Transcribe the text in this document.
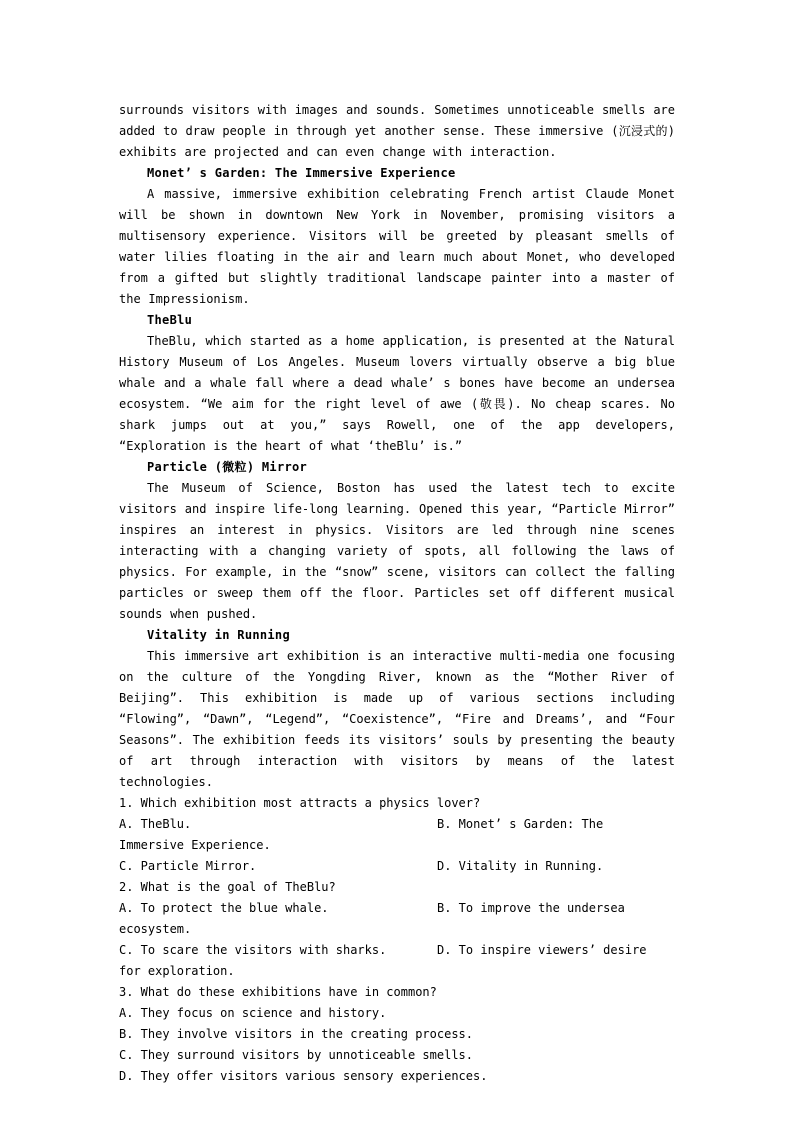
surrounds visitors with images and sounds. Sometimes unnoticeable smells are added to draw people in through yet another sense. These immersive (沉浸式的) exhibits are projected and can even change with interaction.

Monet’ s Garden: The Immersive Experience

A massive, immersive exhibition celebrating French artist Claude Monet will be shown in downtown New York in November, promising visitors a multisensory experience. Visitors will be greeted by pleasant smells of water lilies floating in the air and learn much about Monet, who developed from a gifted but slightly traditional landscape painter into a master of the Impressionism.

TheBlu

TheBlu, which started as a home application, is presented at the Natural History Museum of Los Angeles. Museum lovers virtually observe a big blue whale and a whale fall where a dead whale’ s bones have become an undersea ecosystem. “We aim for the right level of awe (敬畏). No cheap scares. No shark jumps out at you,” says Rowell, one of the app developers, “Exploration is the heart of what ‘theBlu’ is.”

Particle (微粒) Mirror

The Museum of Science, Boston has used the latest tech to excite visitors and inspire life-long learning. Opened this year, “Particle Mirror” inspires an interest in physics. Visitors are led through nine scenes interacting with a changing variety of spots, all following the laws of physics. For example, in the “snow” scene, visitors can collect the falling particles or sweep them off the floor. Particles set off different musical sounds when pushed.

Vitality in Running

This immersive art exhibition is an interactive multi-media one focusing on the culture of the Yongding River, known as the “Mother River of Beijing”. This exhibition is made up of various sections including “Flowing”, “Dawn”, “Legend”, “Coexistence”, “Fire and Dreams’, and “Four Seasons”. The exhibition feeds its visitors’ souls by presenting the beauty of art through interaction with visitors by means of the latest technologies.

1. Which exhibition most attracts a physics lover?
A. TheBlu.	B. Monet’ s Garden: The
Immersive Experience.
C. Particle Mirror.	D. Vitality in Running.
2. What is the goal of TheBlu?
A. To protect the blue whale.	B. To improve the undersea
ecosystem.
C. To scare the visitors with sharks.	D. To inspire viewers’ desire
for exploration.
3. What do these exhibitions have in common?
A. They focus on science and history.
B. They involve visitors in the creating process.
C. They surround visitors by unnoticeable smells.
D. They offer visitors various sensory experiences.
